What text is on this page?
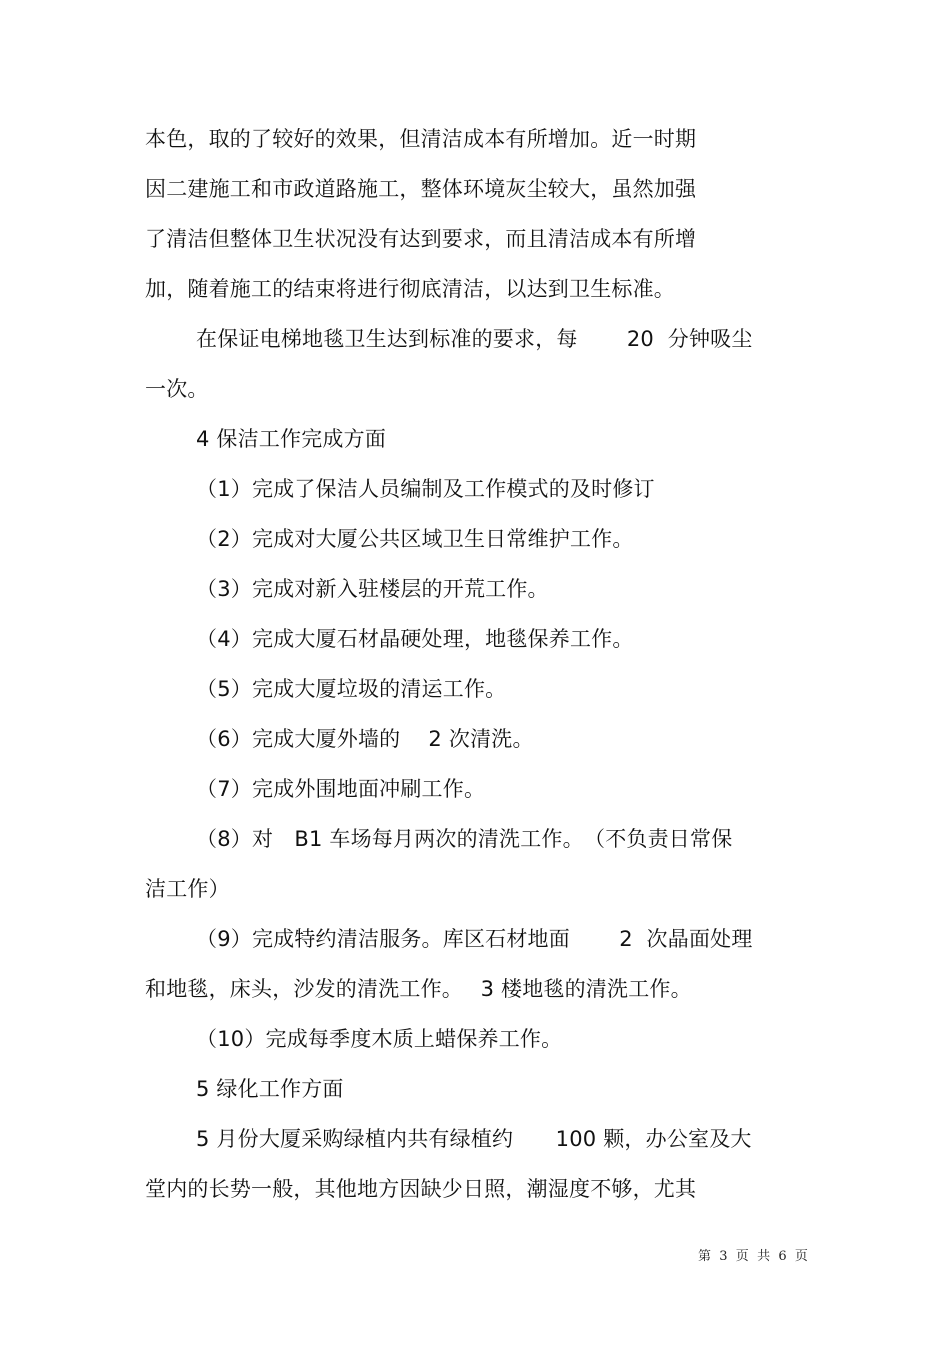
本色，取的了较好的效果，但清洁成本有所增加。近一时期
因二建施工和市政道路施工，整体环境灰尘较大，虽然加强
了清洁但整体卫生状况没有达到要求，而且清洁成本有所增
加，随着施工的结束将进行彻底清洁，以达到卫生标准。
在保证电梯地毯卫生达到标准的要求，每　　 20  分钟吸尘
一次。
4 保洁工作完成方面
（1）完成了保洁人员编制及工作模式的及时修订
（2）完成对大厦公共区域卫生日常维护工作。
（3）完成对新入驻楼层的开荒工作。
（4）完成大厦石材晶硬处理，地毯保养工作。
（5）完成大厦垃圾的清运工作。
（6）完成大厦外墙的　 2 次清洗。
（7）完成外围地面冲刷工作。
（8）对　B1 车场每月两次的清洗工作。　（不负责日常保
洁工作）
（9）完成特约清洁服务。库区石材地面　　 2  次晶面处理
和地毯，床头，沙发的清洗工作。　 3 楼地毯的清洗工作。
（10）完成每季度木质上蜡保养工作。
5 绿化工作方面
5 月份大厦采购绿植内共有绿植约　　100 颗，办公室及大
堂内的长势一般，其他地方因缺少日照，潮湿度不够，尤其
第  3  页  共  6  页
